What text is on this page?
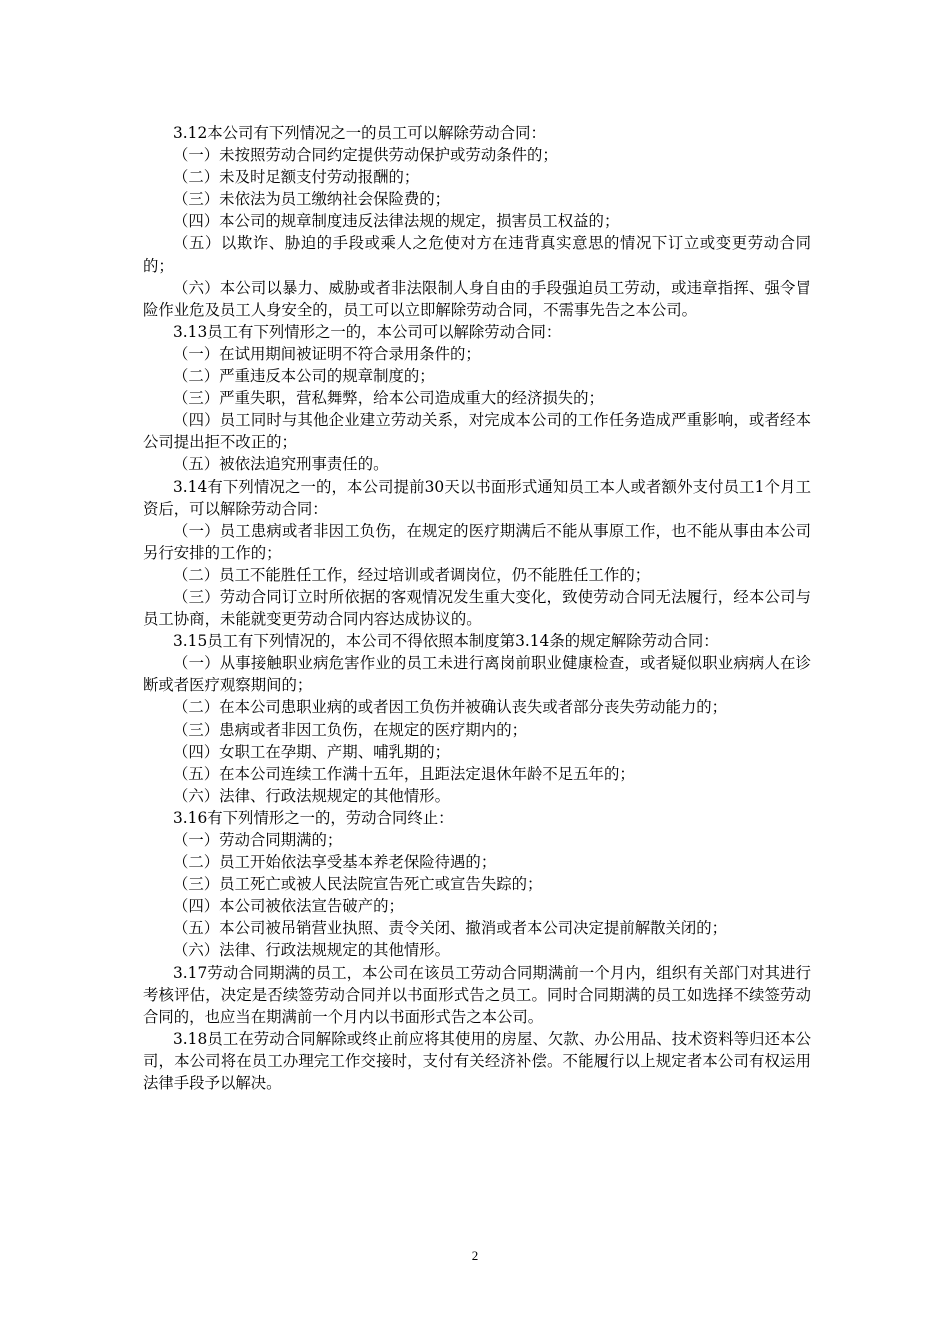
3.12本公司有下列情况之一的员工可以解除劳动合同：

（一）未按照劳动合同约定提供劳动保护或劳动条件的；

（二）未及时足额支付劳动报酬的；

（三）未依法为员工缴纳社会保险费的；

（四）本公司的规章制度违反法律法规的规定，损害员工权益的；

（五）以欺诈、胁迫的手段或乘人之危使对方在违背真实意思的情况下订立或变更劳动合同的；

（六）本公司以暴力、威胁或者非法限制人身自由的手段强迫员工劳动，或违章指挥、强令冒险作业危及员工人身安全的，员工可以立即解除劳动合同，不需事先告之本公司。

3.13员工有下列情形之一的，本公司可以解除劳动合同：

（一）在试用期间被证明不符合录用条件的；

（二）严重违反本公司的规章制度的；

（三）严重失职，营私舞弊，给本公司造成重大的经济损失的；

（四）员工同时与其他企业建立劳动关系，对完成本公司的工作任务造成严重影响，或者经本公司提出拒不改正的；

（五）被依法追究刑事责任的。

3.14有下列情况之一的，本公司提前30天以书面形式通知员工本人或者额外支付员工1个月工资后，可以解除劳动合同：

（一）员工患病或者非因工负伤，在规定的医疗期满后不能从事原工作，也不能从事由本公司另行安排的工作的；

（二）员工不能胜任工作，经过培训或者调岗位，仍不能胜任工作的；

（三）劳动合同订立时所依据的客观情况发生重大变化，致使劳动合同无法履行，经本公司与员工协商，未能就变更劳动合同内容达成协议的。

3.15员工有下列情况的，本公司不得依照本制度第3.14条的规定解除劳动合同：

（一）从事接触职业病危害作业的员工未进行离岗前职业健康检查，或者疑似职业病病人在诊断或者医疗观察期间的；

（二）在本公司患职业病的或者因工负伤并被确认丧失或者部分丧失劳动能力的；

（三）患病或者非因工负伤，在规定的医疗期内的；

（四）女职工在孕期、产期、哺乳期的；

（五）在本公司连续工作满十五年，且距法定退休年龄不足五年的；

（六）法律、行政法规规定的其他情形。

3.16有下列情形之一的，劳动合同终止：

（一）劳动合同期满的；

（二）员工开始依法享受基本养老保险待遇的；

（三）员工死亡或被人民法院宣告死亡或宣告失踪的；

（四）本公司被依法宣告破产的；

（五）本公司被吊销营业执照、责令关闭、撤消或者本公司决定提前解散关闭的；

（六）法律、行政法规规定的其他情形。

3.17劳动合同期满的员工，本公司在该员工劳动合同期满前一个月内，组织有关部门对其进行考核评估，决定是否续签劳动合同并以书面形式告之员工。同时合同期满的员工如选择不续签劳动合同的，也应当在期满前一个月内以书面形式告之本公司。

3.18员工在劳动合同解除或终止前应将其使用的房屋、欠款、办公用品、技术资料等归还本公司，本公司将在员工办理完工作交接时，支付有关经济补偿。不能履行以上规定者本公司有权运用法律手段予以解决。

2
